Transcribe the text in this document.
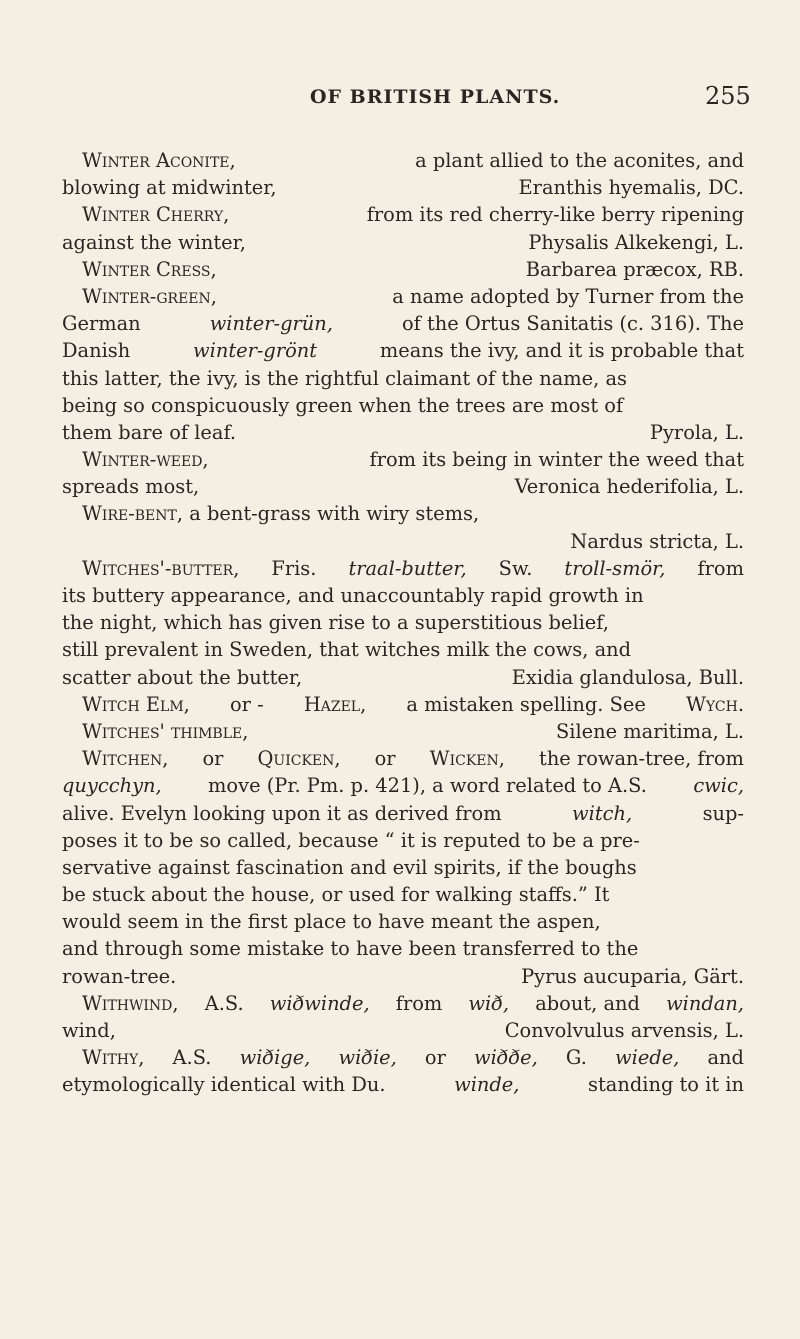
OF BRITISH PLANTS.	255
Winter Aconite,	a plant allied to the aconites, and
blowing at midwinter,	Eranthis hyemalis, DC.
Winter Cherry,	from its red cherry-like berry ripening
against the winter,	Physalis Alkekengi, L.
Winter Cress,	Barbarea præcox, RB.
Winter-green,	a name adopted by Turner from the
German	winter-grün,	of the Ortus Sanitatis (c. 316). The
Danish	winter-grönt	means the ivy, and it is probable that
this latter, the ivy, is the rightful claimant of the name, as
being so conspicuously green when the trees are most of
them bare of leaf.	Pyrola, L.
Winter-weed,	from its being in winter the weed that
spreads most,	Veronica hederifolia, L.
Wire-bent,
a bent-grass with wiry stems,
Nardus stricta, L.
Witches'-butter, Fris. traal-butter, Sw. troll-smör, from
its buttery appearance, and unaccountably rapid growth in
the night, which has given rise to a superstitious belief,
still prevalent in Sweden, that witches milk the cows, and
scatter about the butter,	Exidia glandulosa, Bull.
Witch Elm, or - Hazel, a mistaken spelling. See Wych.
Witches' thimble,	Silene maritima, L.
Witchen, or Quicken, or Wicken, the rowan-tree, from
quycchyn, move (Pr. Pm. p. 421), a word related to A.S. cwic,
alive. Evelyn looking upon it as derived from	witch,	sup-
poses it to be so called, because “ it is reputed to be a pre-
servative against fascination and evil spirits, if the boughs
be stuck about the house, or used for walking staffs.” It
would seem in the first place to have meant the aspen,
and through some mistake to have been transferred to the
rowan-tree.	Pyrus aucuparia, Gärt.
Withwind, A.S. wiðwinde, from wið, about, and windan,
wind,	Convolvulus arvensis, L.
Withy, A.S. wiðige, wiðie, or wiððe, G. wiede, and
etymologically identical with Du.	winde,	standing to it in
